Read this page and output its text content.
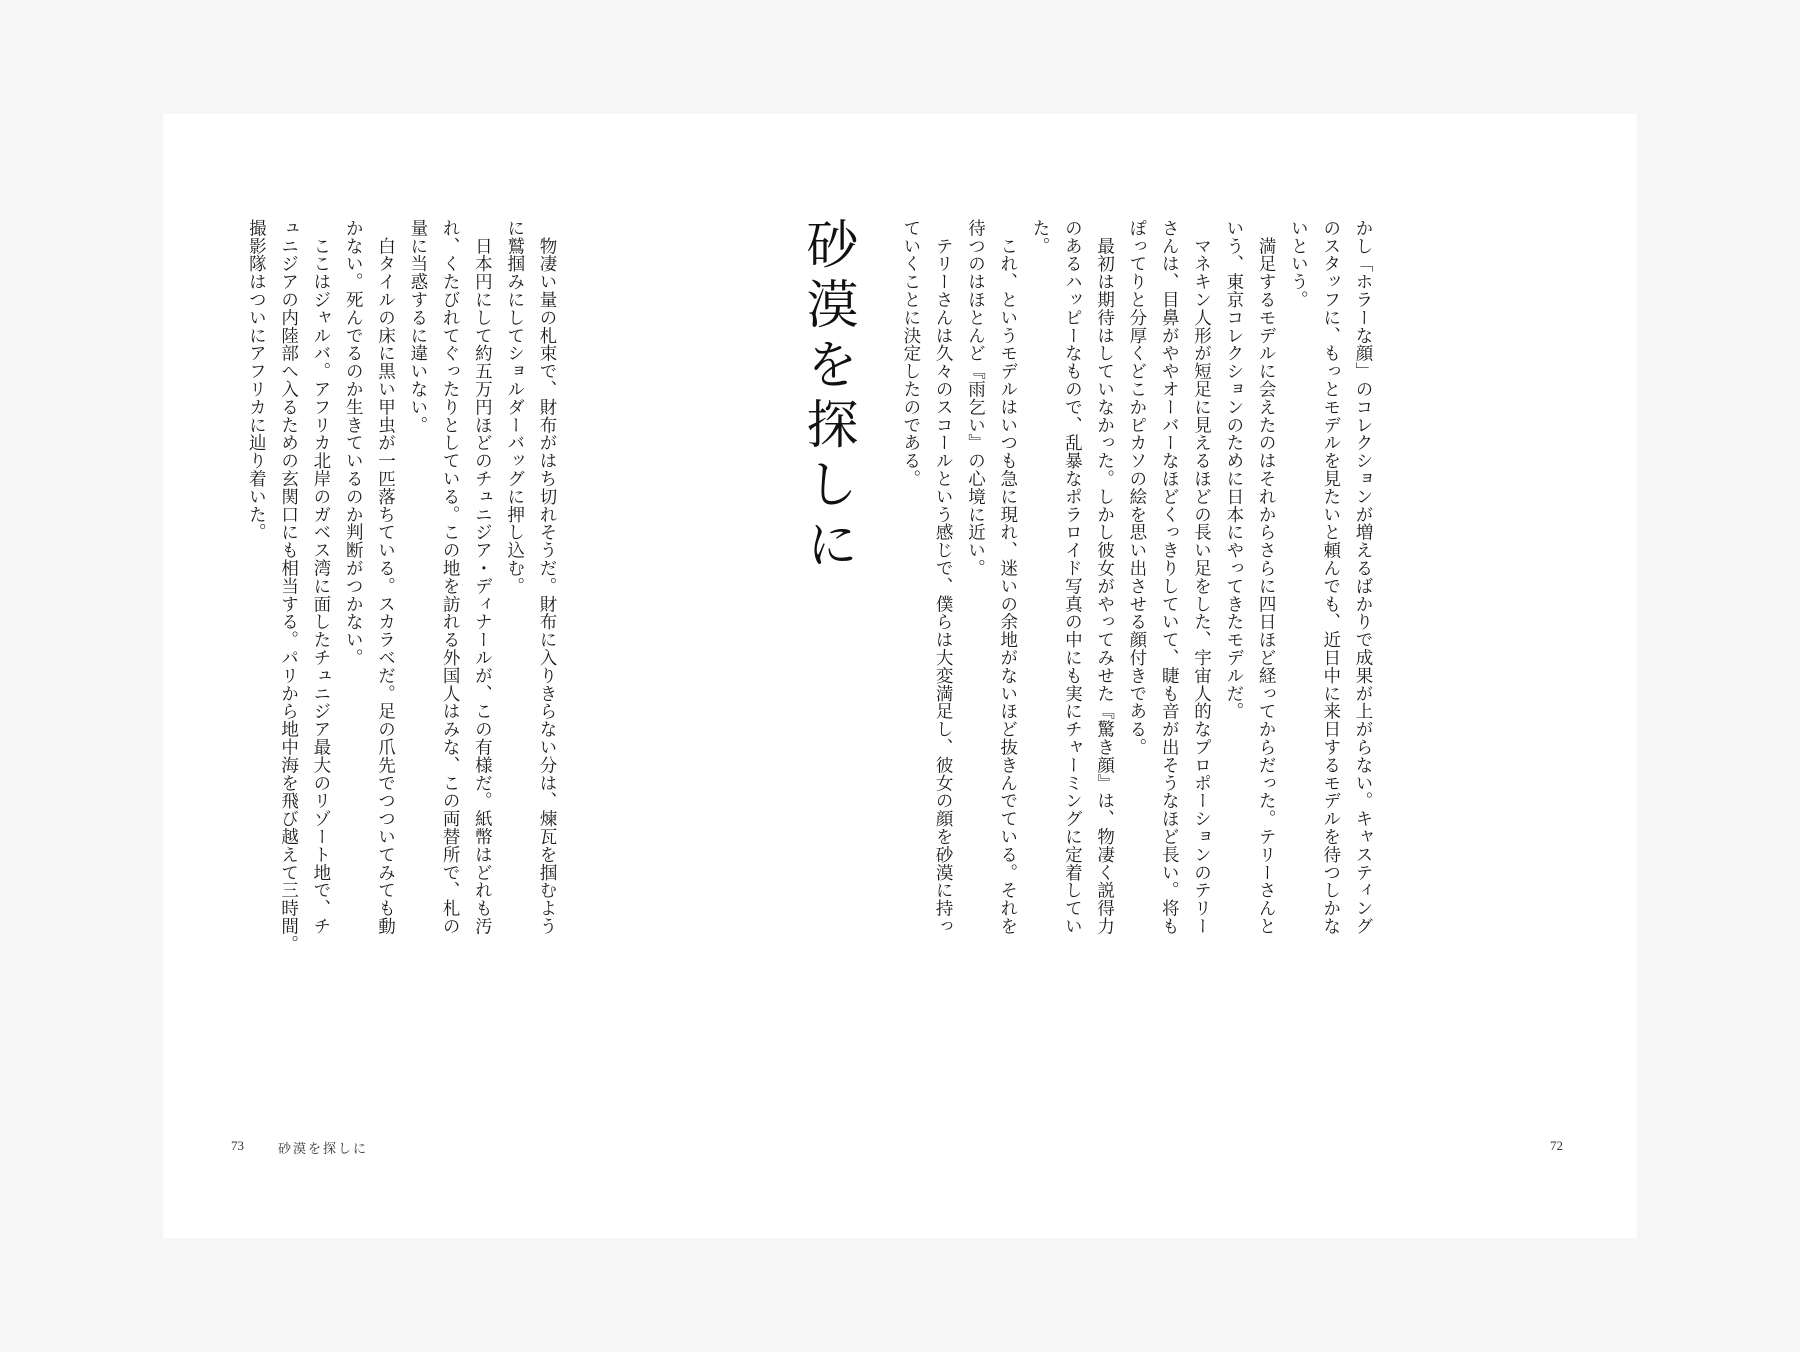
かし「ホラーな顔」のコレクションが増えるばかりで成果が上がらない。キャスティング
のスタッフに、もっとモデルを見たいと頼んでも、近日中に来日するモデルを待つしかな
いという。
　満足するモデルに会えたのはそれからさらに四日ほど経ってからだった。テリーさんと
いう、東京コレクションのために日本にやってきたモデルだ。
　マネキン人形が短足に見えるほどの長い足をした、宇宙人的なプロポーションのテリー
さんは、目鼻がややオーバーなほどくっきりしていて、睫も音が出そうなほど長い。将も
ぽってりと分厚くどこかピカソの絵を思い出させる顔付きである。
　最初は期待はしていなかった。しかし彼女がやってみせた『驚き顔』は、物凄く説得力
のあるハッピーなもので、乱暴なポラロイド写真の中にも実にチャーミングに定着してい
た。
　これ、というモデルはいつも急に現れ、迷いの余地がないほど抜きんでている。それを
待つのはほとんど『雨乞い』の心境に近い。
　テリーさんは久々のスコールという感じで、僕らは大変満足し、彼女の顔を砂漠に持っ
ていくことに決定したのである。
砂漠を探しに
　物凄い量の札束で、財布がはち切れそうだ。財布に入りきらない分は、煉瓦を掴むよう
に鷲掴みにしてショルダーバッグに押し込む。
　日本円にして約五万円ほどのチュニジア・ディナールが、この有様だ。紙幣はどれも汚
れ、くたびれてぐったりとしている。この地を訪れる外国人はみな、この両替所で、札の
量に当惑するに違いない。
　白タイルの床に黒い甲虫が一匹落ちている。スカラベだ。足の爪先でつついてみても動
かない。死んでるのか生きているのか判断がつかない。
　ここはジャルバ。アフリカ北岸のガベス湾に面したチュニジア最大のリゾート地で、チ
ュニジアの内陸部へ入るための玄関口にも相当する。パリから地中海を飛び越えて三時間。
撮影隊はついにアフリカに辿り着いた。
73	砂漠を探しに	72
